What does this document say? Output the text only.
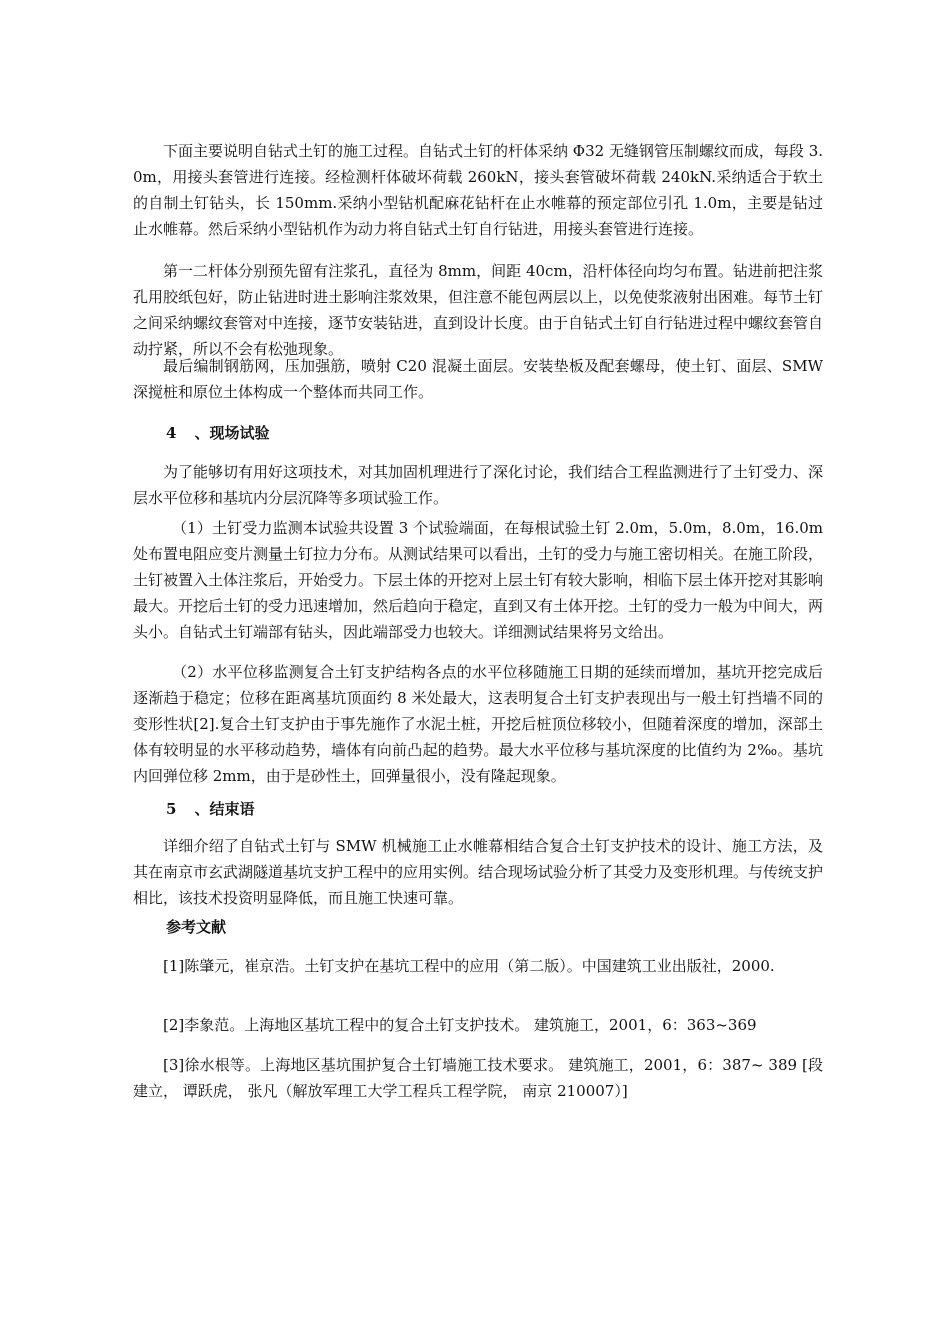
下面主要说明自钻式土钉的施工过程。自钻式土钉的杆体采纳 Φ32 无缝钢管压制螺纹而成，每段 3.0m，用接头套管进行连接。经检测杆体破坏荷载 260kN，接头套管破坏荷载 240kN.采纳适合于软土的自制土钉钻头，长 150mm.采纳小型钻机配麻花钻杆在止水帷幕的预定部位引孔 1.0m，主要是钻过止水帷幕。然后采纳小型钻机作为动力将自钻式土钉自行钻进，用接头套管进行连接。

第一二杆体分别预先留有注浆孔，直径为 8mm，间距 40cm，沿杆体径向均匀布置。钻进前把注浆孔用胶纸包好，防止钻进时进土影响注浆效果，但注意不能包两层以上，以免使浆液射出困难。每节土钉之间采纳螺纹套管对中连接，逐节安装钻进，直到设计长度。由于自钻式土钉自行钻进过程中螺纹套管自动拧紧，所以不会有松弛现象。

最后编制钢筋网，压加强筋，喷射 C20 混凝土面层。安装垫板及配套螺母，使土钉、面层、SMW 深搅桩和原位土体构成一个整体而共同工作。

4 、现场试验

为了能够切有用好这项技术，对其加固机理进行了深化讨论，我们结合工程监测进行了土钉受力、深层水平位移和基坑内分层沉降等多项试验工作。

（1）土钉受力监测本试验共设置 3 个试验端面，在每根试验土钉 2.0m，5.0m，8.0m，16.0m 处布置电阻应变片测量土钉拉力分布。从测试结果可以看出，土钉的受力与施工密切相关。在施工阶段，土钉被置入土体注浆后，开始受力。下层土体的开挖对上层土钉有较大影响，相临下层土体开挖对其影响最大。开挖后土钉的受力迅速增加，然后趋向于稳定，直到又有土体开挖。土钉的受力一般为中间大，两头小。自钻式土钉端部有钻头，因此端部受力也较大。详细测试结果将另文给出。

（2）水平位移监测复合土钉支护结构各点的水平位移随施工日期的延续而增加，基坑开挖完成后逐渐趋于稳定；位移在距离基坑顶面约 8 米处最大，这表明复合土钉支护表现出与一般土钉挡墙不同的变形性状[2].复合土钉支护由于事先施作了水泥土桩，开挖后桩顶位移较小，但随着深度的增加，深部土体有较明显的水平移动趋势，墙体有向前凸起的趋势。最大水平位移与基坑深度的比值约为 2‰。基坑内回弹位移 2mm，由于是砂性土，回弹量很小，没有隆起现象。

5 、结束语

详细介绍了自钻式土钉与 SMW 机械施工止水帷幕相结合复合土钉支护技术的设计、施工方法，及其在南京市玄武湖隧道基坑支护工程中的应用实例。结合现场试验分析了其受力及变形机理。与传统支护相比，该技术投资明显降低，而且施工快速可靠。

参考文献

[1]陈肇元，崔京浩。土钉支护在基坑工程中的应用（第二版）。中国建筑工业出版社，2000.

[2]李象范。上海地区基坑工程中的复合土钉支护技术。 建筑施工，2001，6：363~369

[3]徐水根等。上海地区基坑围护复合土钉墙施工技术要求。 建筑施工，2001，6：387~ 389 [段建立， 谭跃虎， 张凡（解放军理工大学工程兵工程学院， 南京 210007）]
